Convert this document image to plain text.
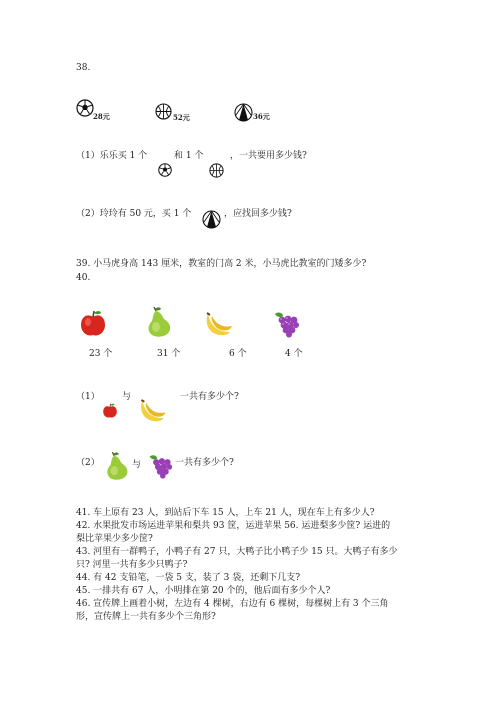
38.
28元	52元	36元
（1）乐乐买 1 个	和 1 个	，一共要用多少钱?
（2）玲玲有 50 元，买 1 个	，应找回多少钱?
39. 小马虎身高 143 厘米，教室的门高 2 米，小马虎比教室的门矮多少?
40.
23 个	31 个	6 个	4 个
（1） 与	一共有多少个?
（2）	与	一共有多少个?
41. 车上原有 23 人，到站后下车 15 人，上车 21 人，现在车上有多少人?
42. 水果批发市场运进苹果和梨共 93 筐，运进苹果 56. 运进梨多少筐? 运进的
梨比苹果少多少筐?
43. 河里有一群鸭子，小鸭子有 27 只，大鸭子比小鸭子少 15 只。大鸭子有多少
只? 河里一共有多少只鸭子?
44. 有 42 支铅笔，一袋 5 支，装了 3 袋，还剩下几支?
45. 一排共有 67 人，小明排在第 20 个的，他后面有多少个人?
46. 宣传牌上画着小树，左边有 4 棵树，右边有 6 棵树，每棵树上有 3 个三角
形，宣传牌上一共有多少个三角形?
